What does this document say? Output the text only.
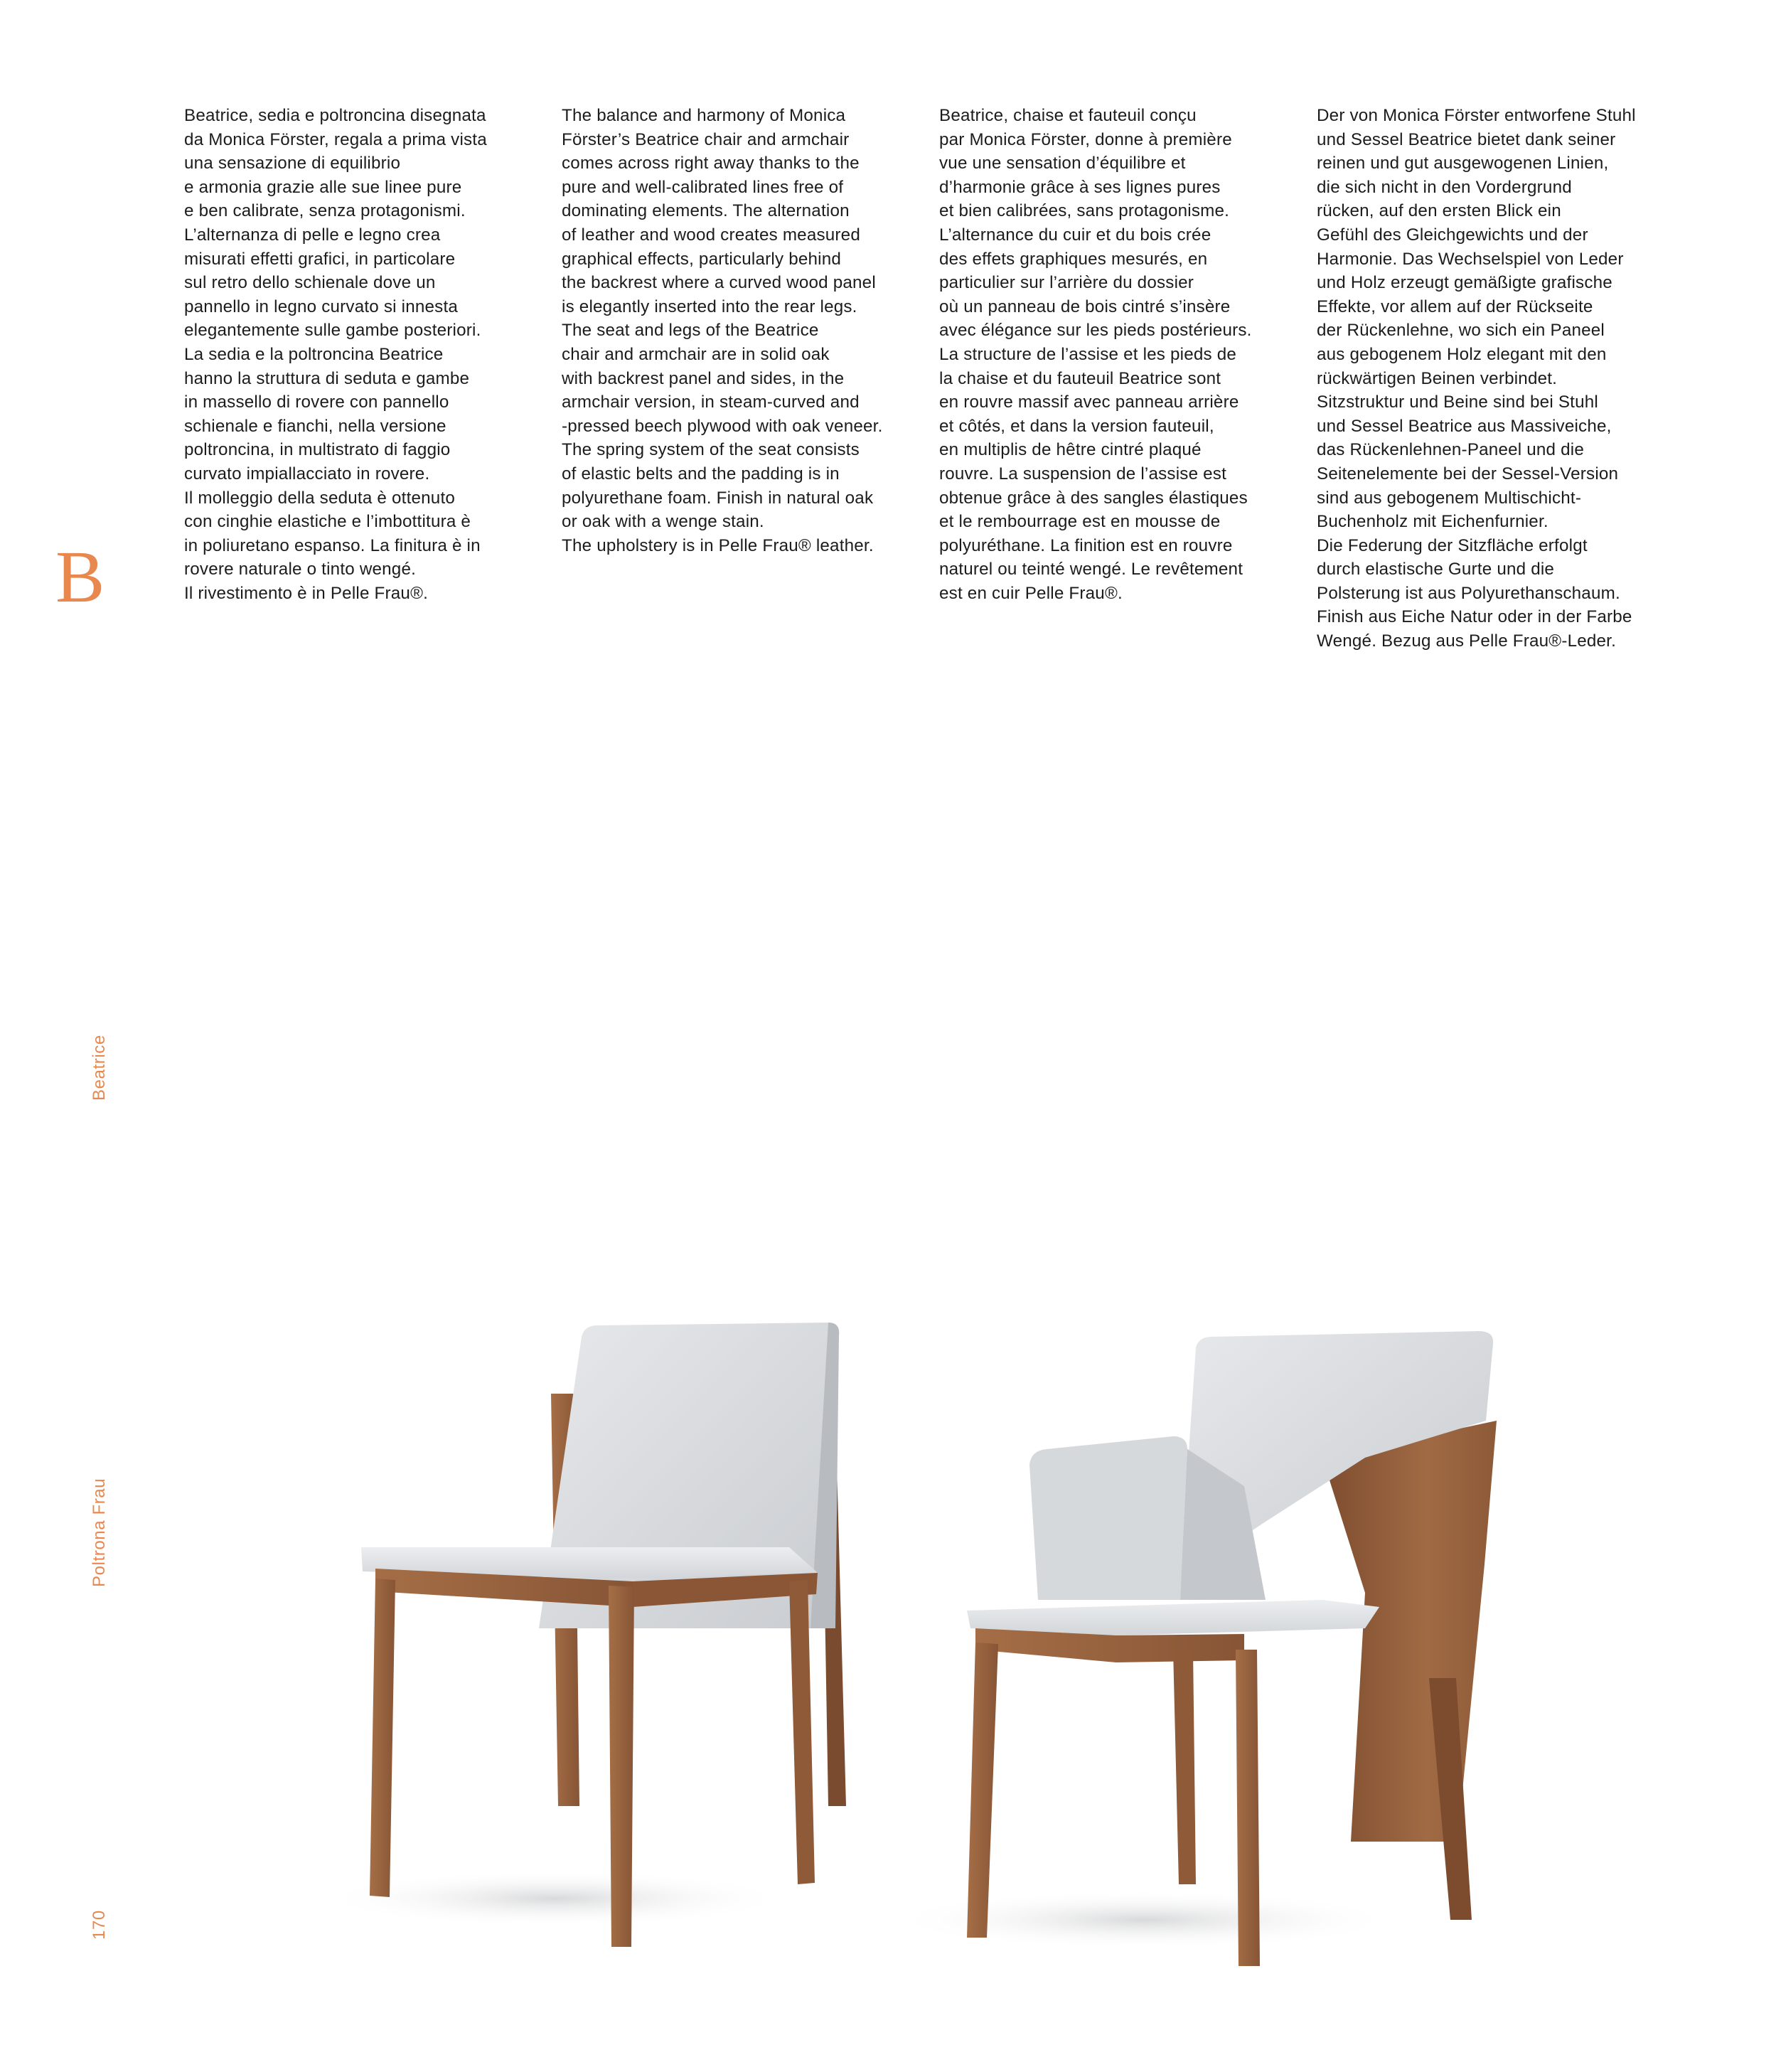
Beatrice, sedia e poltroncina disegnata
da Monica Förster, regala a prima vista
una sensazione di equilibrio
e armonia grazie alle sue linee pure
e ben calibrate, senza protagonismi.
L’alternanza di pelle e legno crea
misurati effetti grafici, in particolare
sul retro dello schienale dove un
pannello in legno curvato si innesta
elegantemente sulle gambe posteriori.
La sedia e la poltroncina Beatrice
hanno la struttura di seduta e gambe
in massello di rovere con pannello
schienale e fianchi, nella versione
poltroncina, in multistrato di faggio
curvato impiallacciato in rovere.
Il molleggio della seduta è ottenuto
con cinghie elastiche e l’imbottitura è
in poliuretano espanso. La finitura è in
rovere naturale o tinto wengé.
Il rivestimento è in Pelle Frau®.

The balance and harmony of Monica
Förster’s Beatrice chair and armchair
comes across right away thanks to the
pure and well-calibrated lines free of
dominating elements. The alternation
of leather and wood creates measured
graphical effects, particularly behind
the backrest where a curved wood panel
is elegantly inserted into the rear legs.
The seat and legs of the Beatrice
chair and armchair are in solid oak
with backrest panel and sides, in the
armchair version, in steam-curved and
-pressed beech plywood with oak veneer.
The spring system of the seat consists
of elastic belts and the padding is in
polyurethane foam. Finish in natural oak
or oak with a wenge stain.
The upholstery is in Pelle Frau® leather.

Beatrice, chaise et fauteuil conçu
par Monica Förster, donne à première
vue une sensation d’équilibre et
d’harmonie grâce à ses lignes pures
et bien calibrées, sans protagonisme.
L’alternance du cuir et du bois crée
des effets graphiques mesurés, en
particulier sur l’arrière du dossier
où un panneau de bois cintré s’insère
avec élégance sur les pieds postérieurs.
La structure de l’assise et les pieds de
la chaise et du fauteuil Beatrice sont
en rouvre massif avec panneau arrière
et côtés, et dans la version fauteuil,
en multiplis de hêtre cintré plaqué
rouvre. La suspension de l’assise est
obtenue grâce à des sangles élastiques
et le rembourrage est en mousse de
polyuréthane. La finition est en rouvre
naturel ou teinté wengé. Le revêtement
est en cuir Pelle Frau®.

Der von Monica Förster entworfene Stuhl
und Sessel Beatrice bietet dank seiner
reinen und gut ausgewogenen Linien,
die sich nicht in den Vordergrund
rücken, auf den ersten Blick ein
Gefühl des Gleichgewichts und der
Harmonie. Das Wechselspiel von Leder
und Holz erzeugt gemäßigte grafische
Effekte, vor allem auf der Rückseite
der Rückenlehne, wo sich ein Paneel
aus gebogenem Holz elegant mit den
rückwärtigen Beinen verbindet.
Sitzstruktur und Beine sind bei Stuhl
und Sessel Beatrice aus Massiveiche,
das Rückenlehnen-Paneel und die
Seitenelemente bei der Sessel-Version
sind aus gebogenem Multischicht-
Buchenholz mit Eichenfurnier.
Die Federung der Sitzfläche erfolgt
durch elastische Gurte und die
Polsterung ist aus Polyurethanschaum.
Finish aus Eiche Natur oder in der Farbe
Wengé. Bezug aus Pelle Frau®-Leder.

B
Beatrice
Poltrona Frau
170
